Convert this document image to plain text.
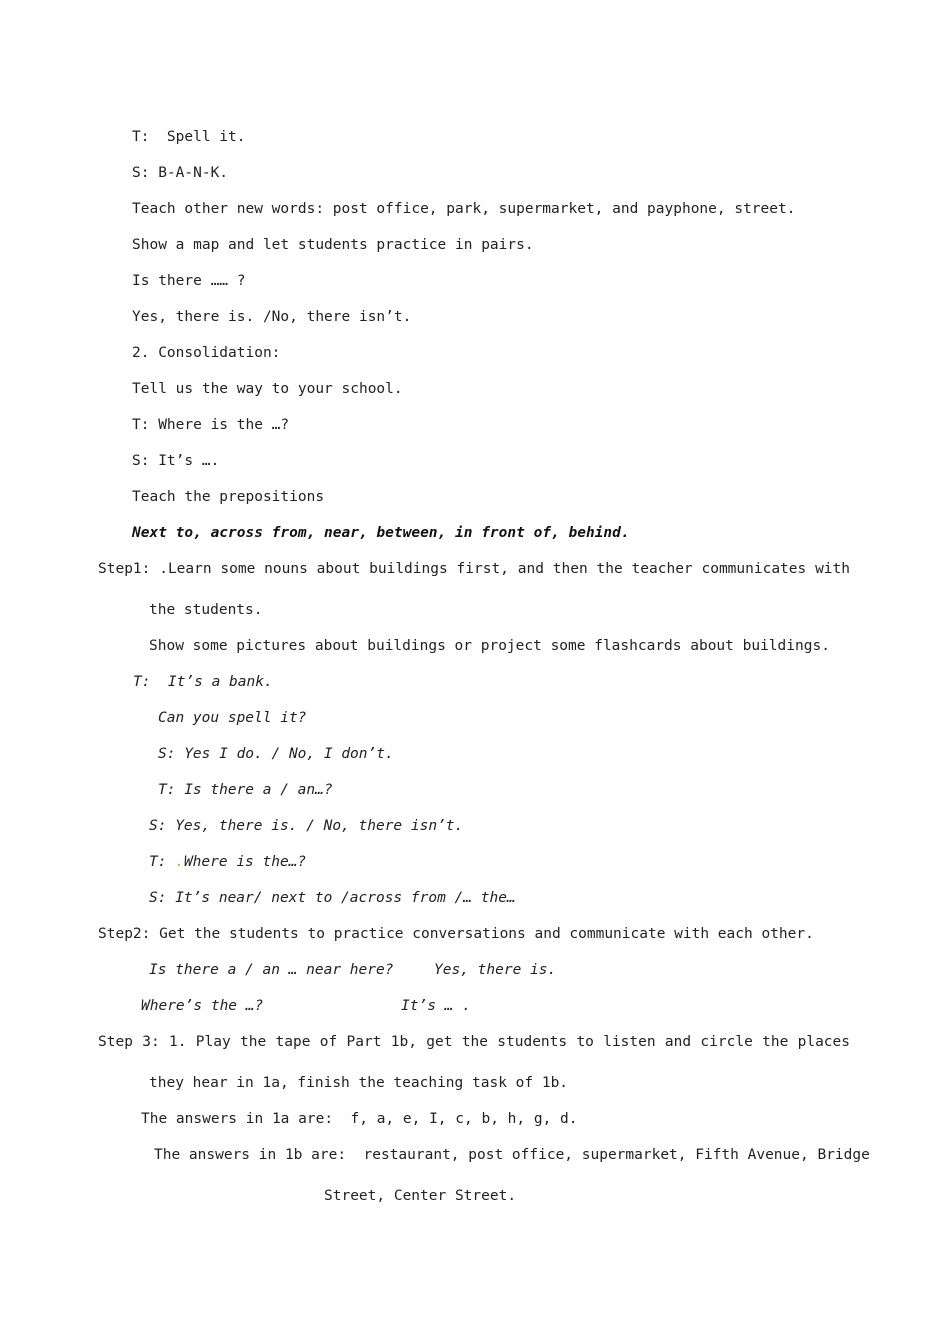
T:  Spell it.
S: B-A-N-K.
Teach other new words: post office, park, supermarket, and payphone, street.
Show a map and let students practice in pairs.
Is there …… ?
Yes, there is. /No, there isn’t.
2. Consolidation:
Tell us the way to your school.
T: Where is the …?
S: It’s ….
Teach the prepositions
Next to, across from, near, between, in front of, behind.
Step1: .Learn some nouns about buildings first, and then the teacher communicates with
the students.
Show some pictures about buildings or project some flashcards about buildings.
T:  It’s a bank.
Can you spell it?
S: Yes I do. / No, I don’t.
T: Is there a / an…?
S: Yes, there is. / No, there isn’t.
T: .Where is the…?
S: It’s near/ next to /across from /… the…
Step2: Get the students to practice conversations and communicate with each other.
Is there a / an … near here?	Yes, there is.
Where’s the …?	It’s … .
Step 3: 1. Play the tape of Part 1b, get the students to listen and circle the places
they hear in 1a, finish the teaching task of 1b.
The answers in 1a are:  f, a, e, I, c, b, h, g, d.
The answers in 1b are:  restaurant, post office, supermarket, Fifth Avenue, Bridge
Street, Center Street.
